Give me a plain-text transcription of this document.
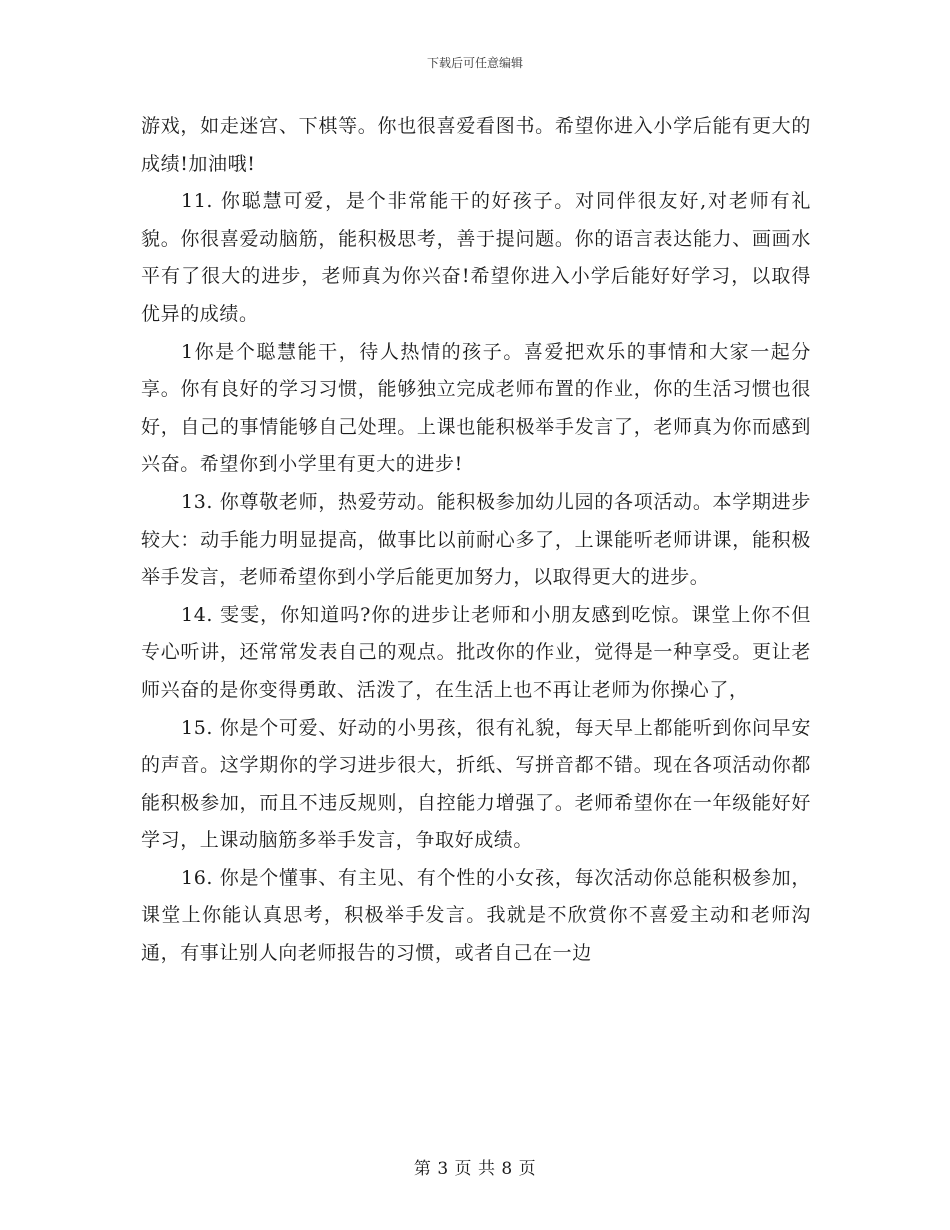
下载后可任意编辑

游戏，如走迷宫、下棋等。你也很喜爱看图书。希望你进入小学后能有更大的成绩!加油哦!

11. 你聪慧可爱，是个非常能干的好孩子。对同伴很友好,对老师有礼貌。你很喜爱动脑筋，能积极思考，善于提问题。你的语言表达能力、画画水平有了很大的进步，老师真为你兴奋!希望你进入小学后能好好学习，以取得优异的成绩。

1你是个聪慧能干，待人热情的孩子。喜爱把欢乐的事情和大家一起分享。你有良好的学习习惯，能够独立完成老师布置的作业，你的生活习惯也很好，自己的事情能够自己处理。上课也能积极举手发言了，老师真为你而感到兴奋。希望你到小学里有更大的进步!

13. 你尊敬老师，热爱劳动。能积极参加幼儿园的各项活动。本学期进步较大：动手能力明显提高，做事比以前耐心多了，上课能听老师讲课，能积极举手发言，老师希望你到小学后能更加努力，以取得更大的进步。

14. 雯雯，你知道吗?你的进步让老师和小朋友感到吃惊。课堂上你不但专心听讲，还常常发表自己的观点。批改你的作业，觉得是一种享受。更让老师兴奋的是你变得勇敢、活泼了，在生活上也不再让老师为你操心了，

15. 你是个可爱、好动的小男孩，很有礼貌，每天早上都能听到你问早安的声音。这学期你的学习进步很大，折纸、写拼音都不错。现在各项活动你都能积极参加，而且不违反规则，自控能力增强了。老师希望你在一年级能好好学习，上课动脑筋多举手发言，争取好成绩。

16. 你是个懂事、有主见、有个性的小女孩，每次活动你总能积极参加，课堂上你能认真思考，积极举手发言。我就是不欣赏你不喜爱主动和老师沟通，有事让别人向老师报告的习惯，或者自己在一边

第 3 页 共 8 页
